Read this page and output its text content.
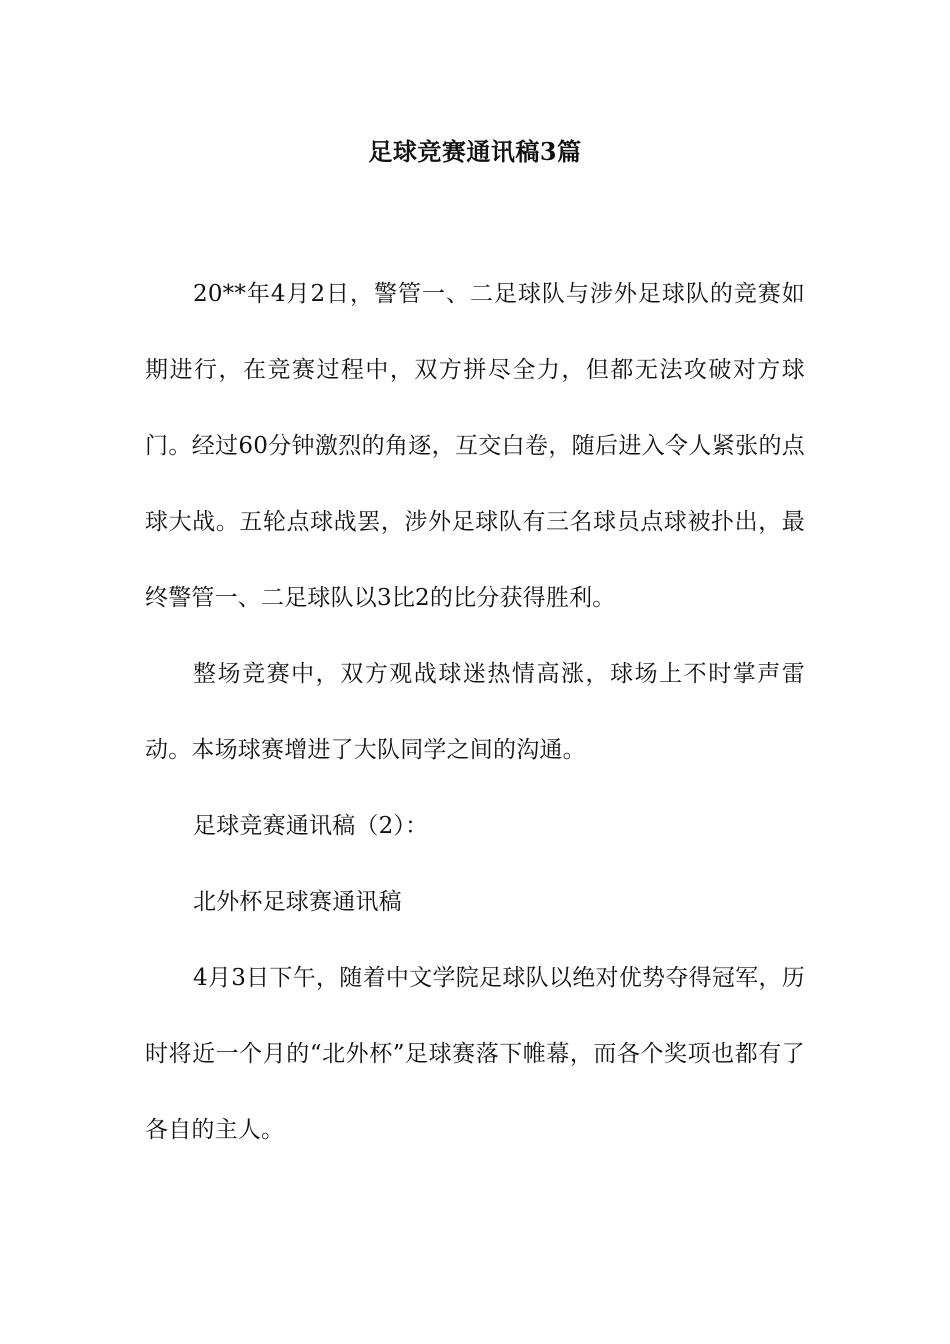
足球竞赛通讯稿3篇

20**年4月2日，警管一、二足球队与涉外足球队的竞赛如期进行，在竞赛过程中，双方拼尽全力，但都无法攻破对方球门。经过60分钟激烈的角逐，互交白卷，随后进入令人紧张的点球大战。五轮点球战罢，涉外足球队有三名球员点球被扑出，最终警管一、二足球队以3比2的比分获得胜利。

整场竞赛中，双方观战球迷热情高涨，球场上不时掌声雷动。本场球赛增进了大队同学之间的沟通。

足球竞赛通讯稿（2）：

北外杯足球赛通讯稿

4月3日下午，随着中文学院足球队以绝对优势夺得冠军，历时将近一个月的“北外杯”足球赛落下帷幕，而各个奖项也都有了各自的主人。
